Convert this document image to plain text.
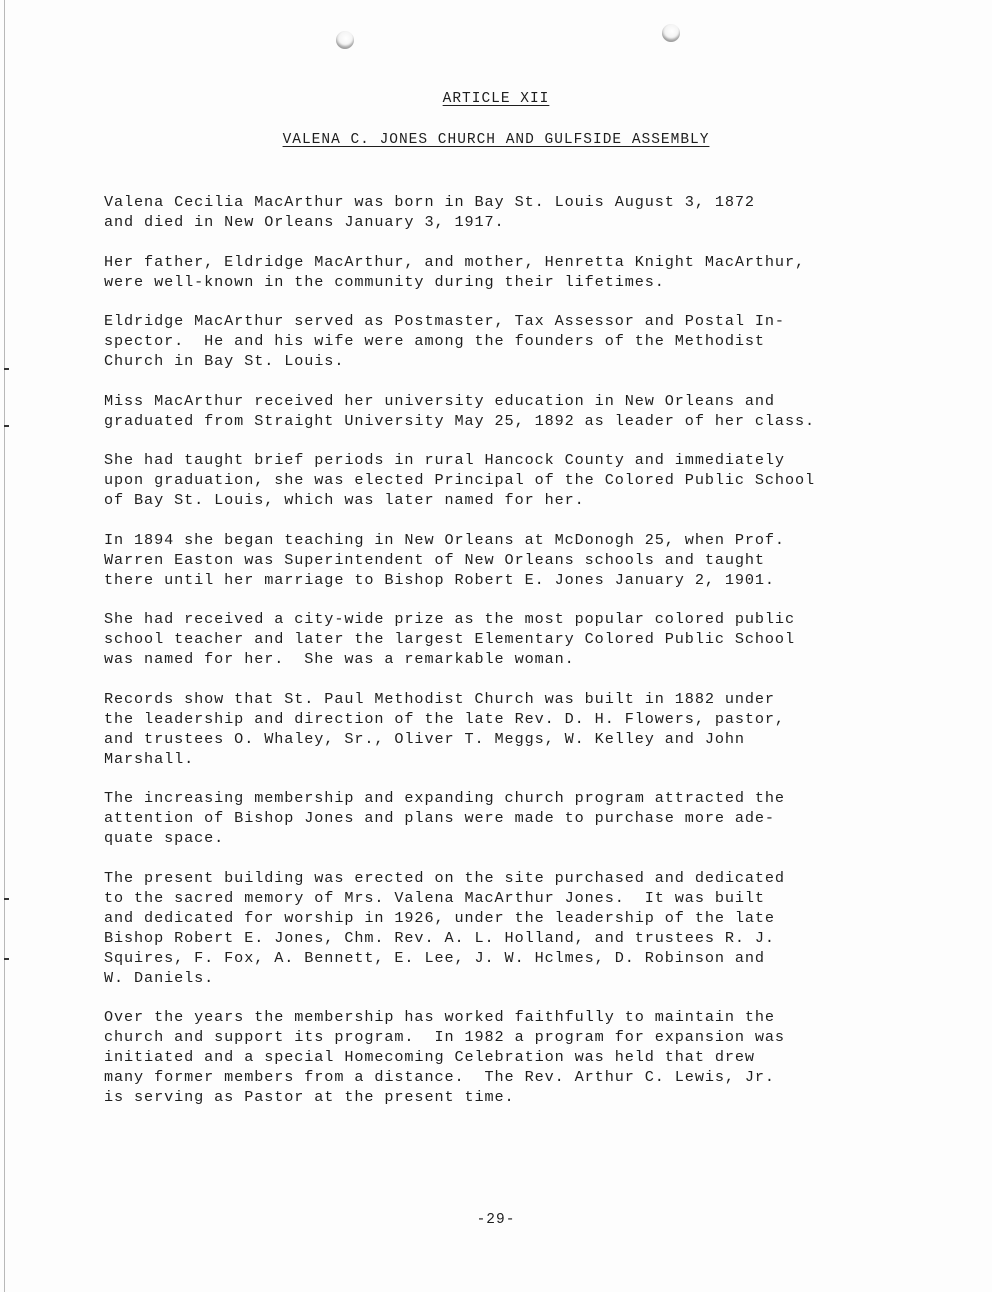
ARTICLE XII
VALENA C. JONES CHURCH AND GULFSIDE ASSEMBLY

Valena Cecilia MacArthur was born in Bay St. Louis August 3, 1872
and died in New Orleans January 3, 1917.

Her father, Eldridge MacArthur, and mother, Henretta Knight MacArthur,
were well-known in the community during their lifetimes.

Eldridge MacArthur served as Postmaster, Tax Assessor and Postal In-
spector.  He and his wife were among the founders of the Methodist
Church in Bay St. Louis.

Miss MacArthur received her university education in New Orleans and
graduated from Straight University May 25, 1892 as leader of her class.

She had taught brief periods in rural Hancock County and immediately
upon graduation, she was elected Principal of the Colored Public School
of Bay St. Louis, which was later named for her.

In 1894 she began teaching in New Orleans at McDonogh 25, when Prof.
Warren Easton was Superintendent of New Orleans schools and taught
there until her marriage to Bishop Robert E. Jones January 2, 1901.

She had received a city-wide prize as the most popular colored public
school teacher and later the largest Elementary Colored Public School
was named for her.  She was a remarkable woman.

Records show that St. Paul Methodist Church was built in 1882 under
the leadership and direction of the late Rev. D. H. Flowers, pastor,
and trustees O. Whaley, Sr., Oliver T. Meggs, W. Kelley and John
Marshall.

The increasing membership and expanding church program attracted the
attention of Bishop Jones and plans were made to purchase more ade-
quate space.

The present building was erected on the site purchased and dedicated
to the sacred memory of Mrs. Valena MacArthur Jones.  It was built
and dedicated for worship in 1926, under the leadership of the late
Bishop Robert E. Jones, Chm. Rev. A. L. Holland, and trustees R. J.
Squires, F. Fox, A. Bennett, E. Lee, J. W. Hclmes, D. Robinson and
W. Daniels.

Over the years the membership has worked faithfully to maintain the
church and support its program.  In 1982 a program for expansion was
initiated and a special Homecoming Celebration was held that drew
many former members from a distance.  The Rev. Arthur C. Lewis, Jr.
is serving as Pastor at the present time.

-29-
